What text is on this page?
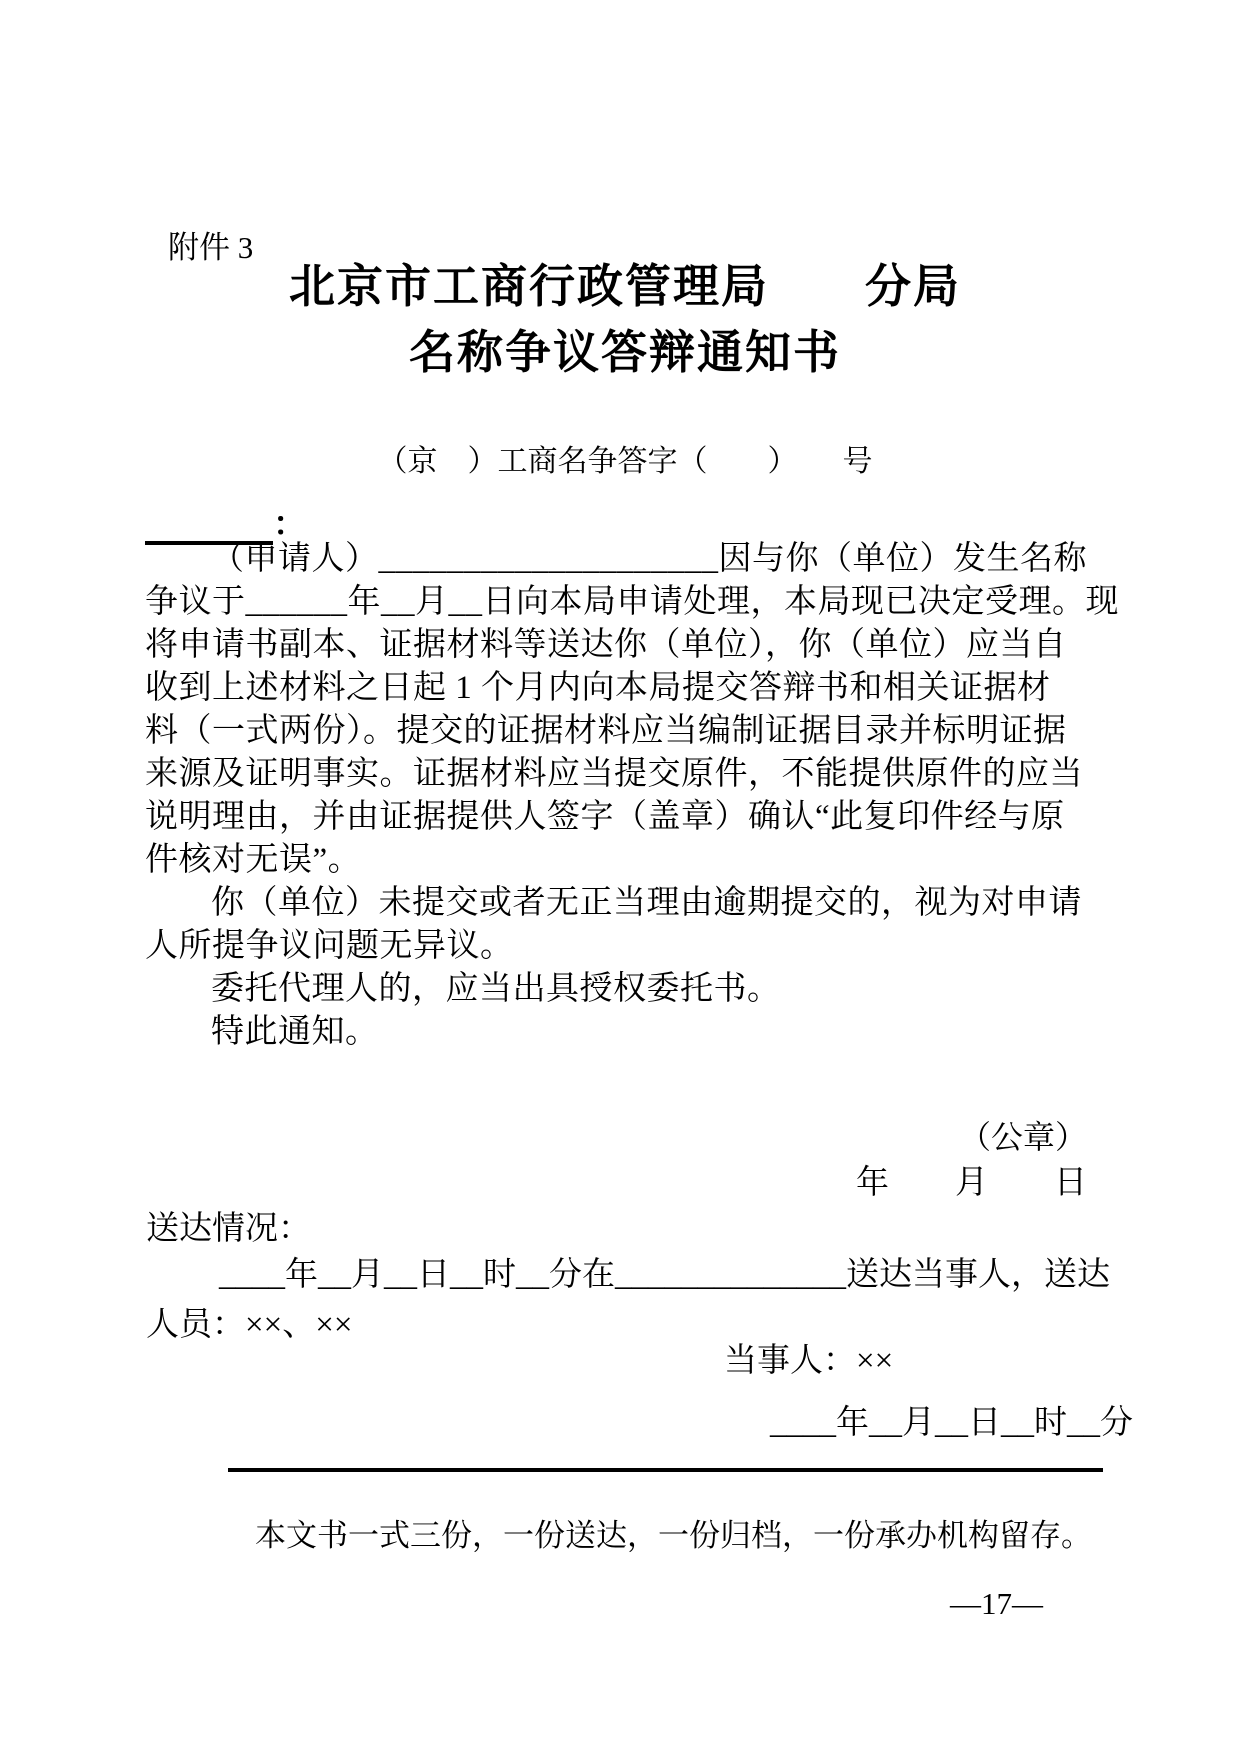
附件 3
北京市工商行政管理局　　分局
名称争议答辩通知书
（京　）工商名争答字（　　）　　号
：
（申请人）____________________因与你（单位）发生名称
争议于______年__月__日向本局申请处理，本局现已决定受理。现
将申请书副本、证据材料等送达你（单位），你（单位）应当自
收到上述材料之日起 1 个月内向本局提交答辩书和相关证据材
料（一式两份）。提交的证据材料应当编制证据目录并标明证据
来源及证明事实。证据材料应当提交原件，不能提供原件的应当
说明理由，并由证据提供人签字（盖章）确认“此复印件经与原
件核对无误”。
你（单位）未提交或者无正当理由逾期提交的，视为对申请
人所提争议问题无异议。
委托代理人的，应当出具授权委托书。
特此通知。
（公章）
年　　月　　日
送达情况：
____年__月__日__时__分在______________送达当事人，送达
人员：××、××
当事人：××
____年__月__日__时__分
本文书一式三份，一份送达，一份归档，一份承办机构留存。
—17—
